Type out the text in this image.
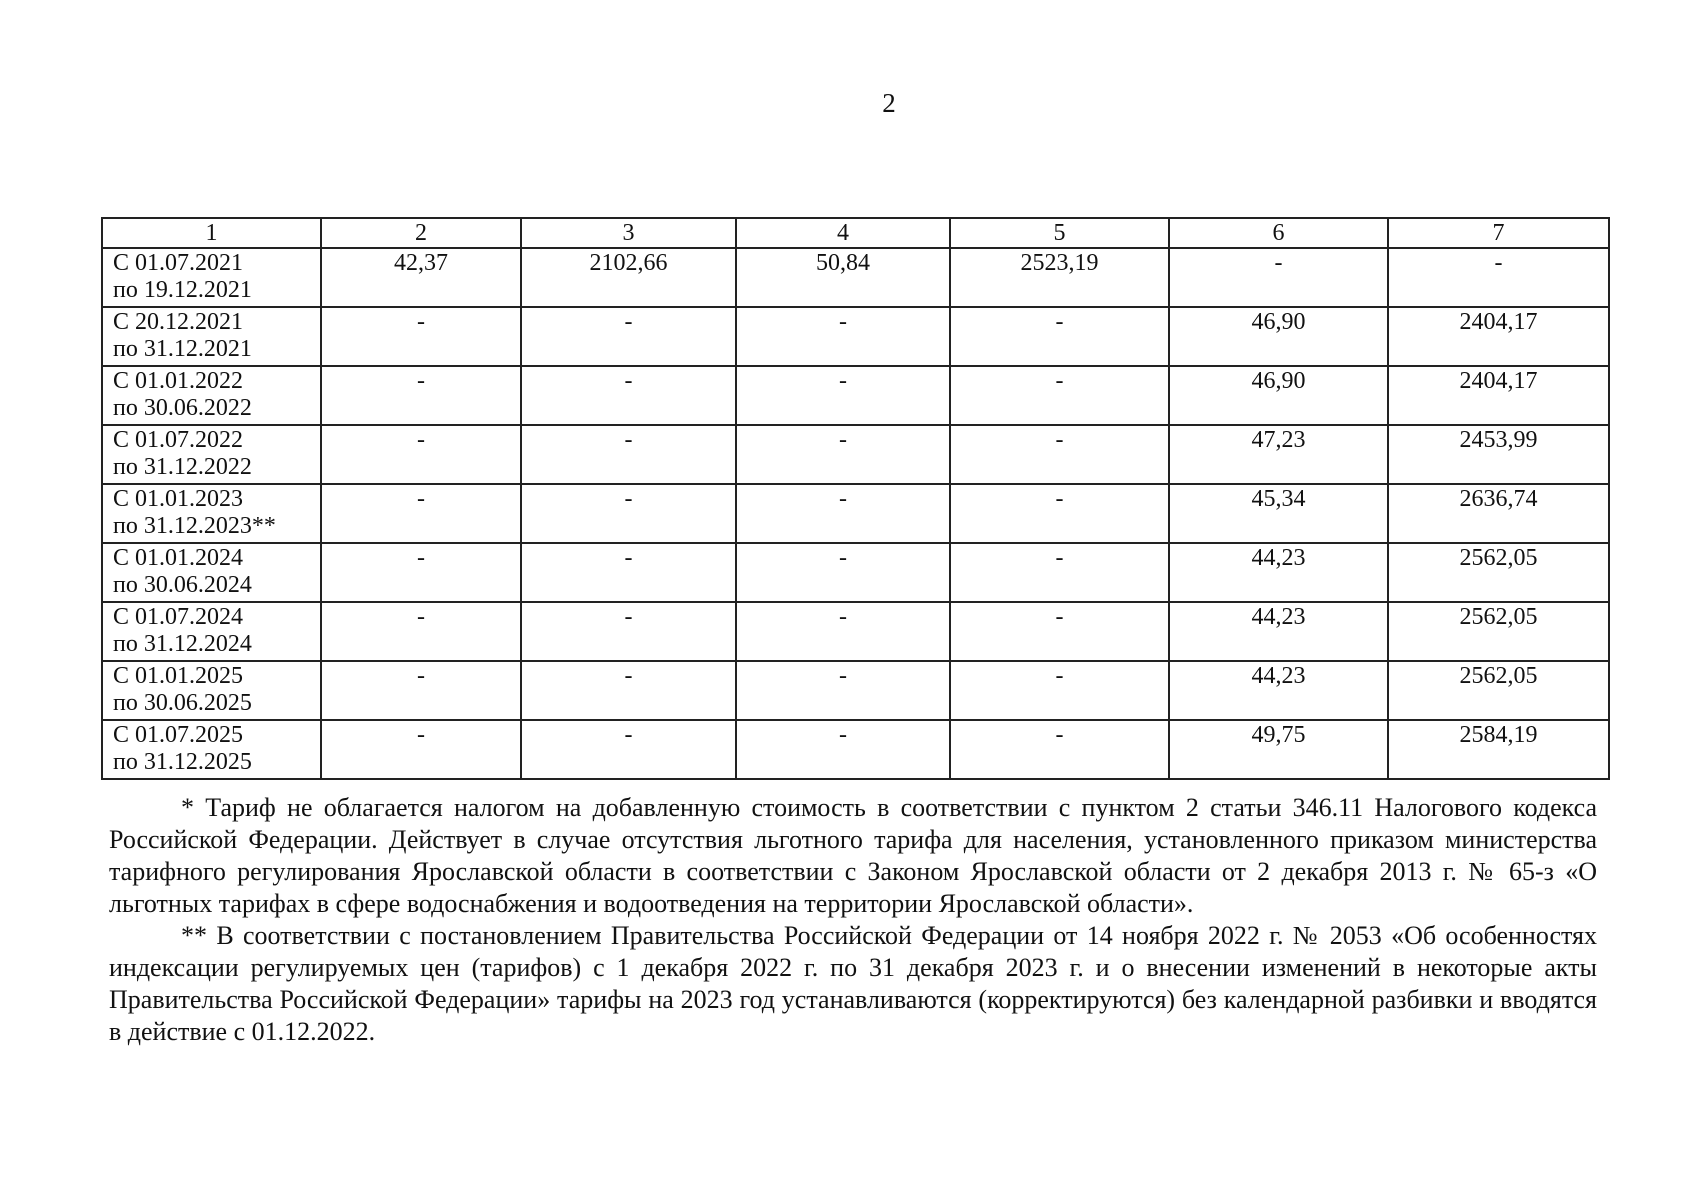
2
1	2	3	4	5	6	7

С 01.07.2021
по 19.12.2021	42,37	2102,66	50,84	2523,19	-	-

С 20.12.2021
по 31.12.2021	-	-	-	-	46,90	2404,17

С 01.01.2022
по 30.06.2022	-	-	-	-	46,90	2404,17

С 01.07.2022
по 31.12.2022	-	-	-	-	47,23	2453,99

С 01.01.2023
по 31.12.2023**	-	-	-	-	45,34	2636,74

С 01.01.2024
по 30.06.2024	-	-	-	-	44,23	2562,05

С 01.07.2024
по 31.12.2024	-	-	-	-	44,23	2562,05

С 01.01.2025
по 30.06.2025	-	-	-	-	44,23	2562,05

С 01.07.2025
по 31.12.2025	-	-	-	-	49,75	2584,19

* Тариф не облагается налогом на добавленную стоимость в соответствии с пунктом 2 статьи 346.11 Налогового кодекса Российской Федерации. Действует в случае отсутствия льготного тарифа для населения, установленного приказом министерства тарифного регулирования Ярославской области в соответствии с Законом Ярославской области от 2 декабря 2013 г. № 65-з «О льготных тарифах в сфере водоснабжения и водоотведения на территории Ярославской области».

** В соответствии с постановлением Правительства Российской Федерации от 14 ноября 2022 г. № 2053 «Об особенностях индексации регулируемых цен (тарифов) с 1 декабря 2022 г. по 31 декабря 2023 г. и о внесении изменений в некоторые акты Правительства Российской Федерации» тарифы на 2023 год устанавливаются (корректируются) без календарной разбивки и вводятся в действие с 01.12.2022.
